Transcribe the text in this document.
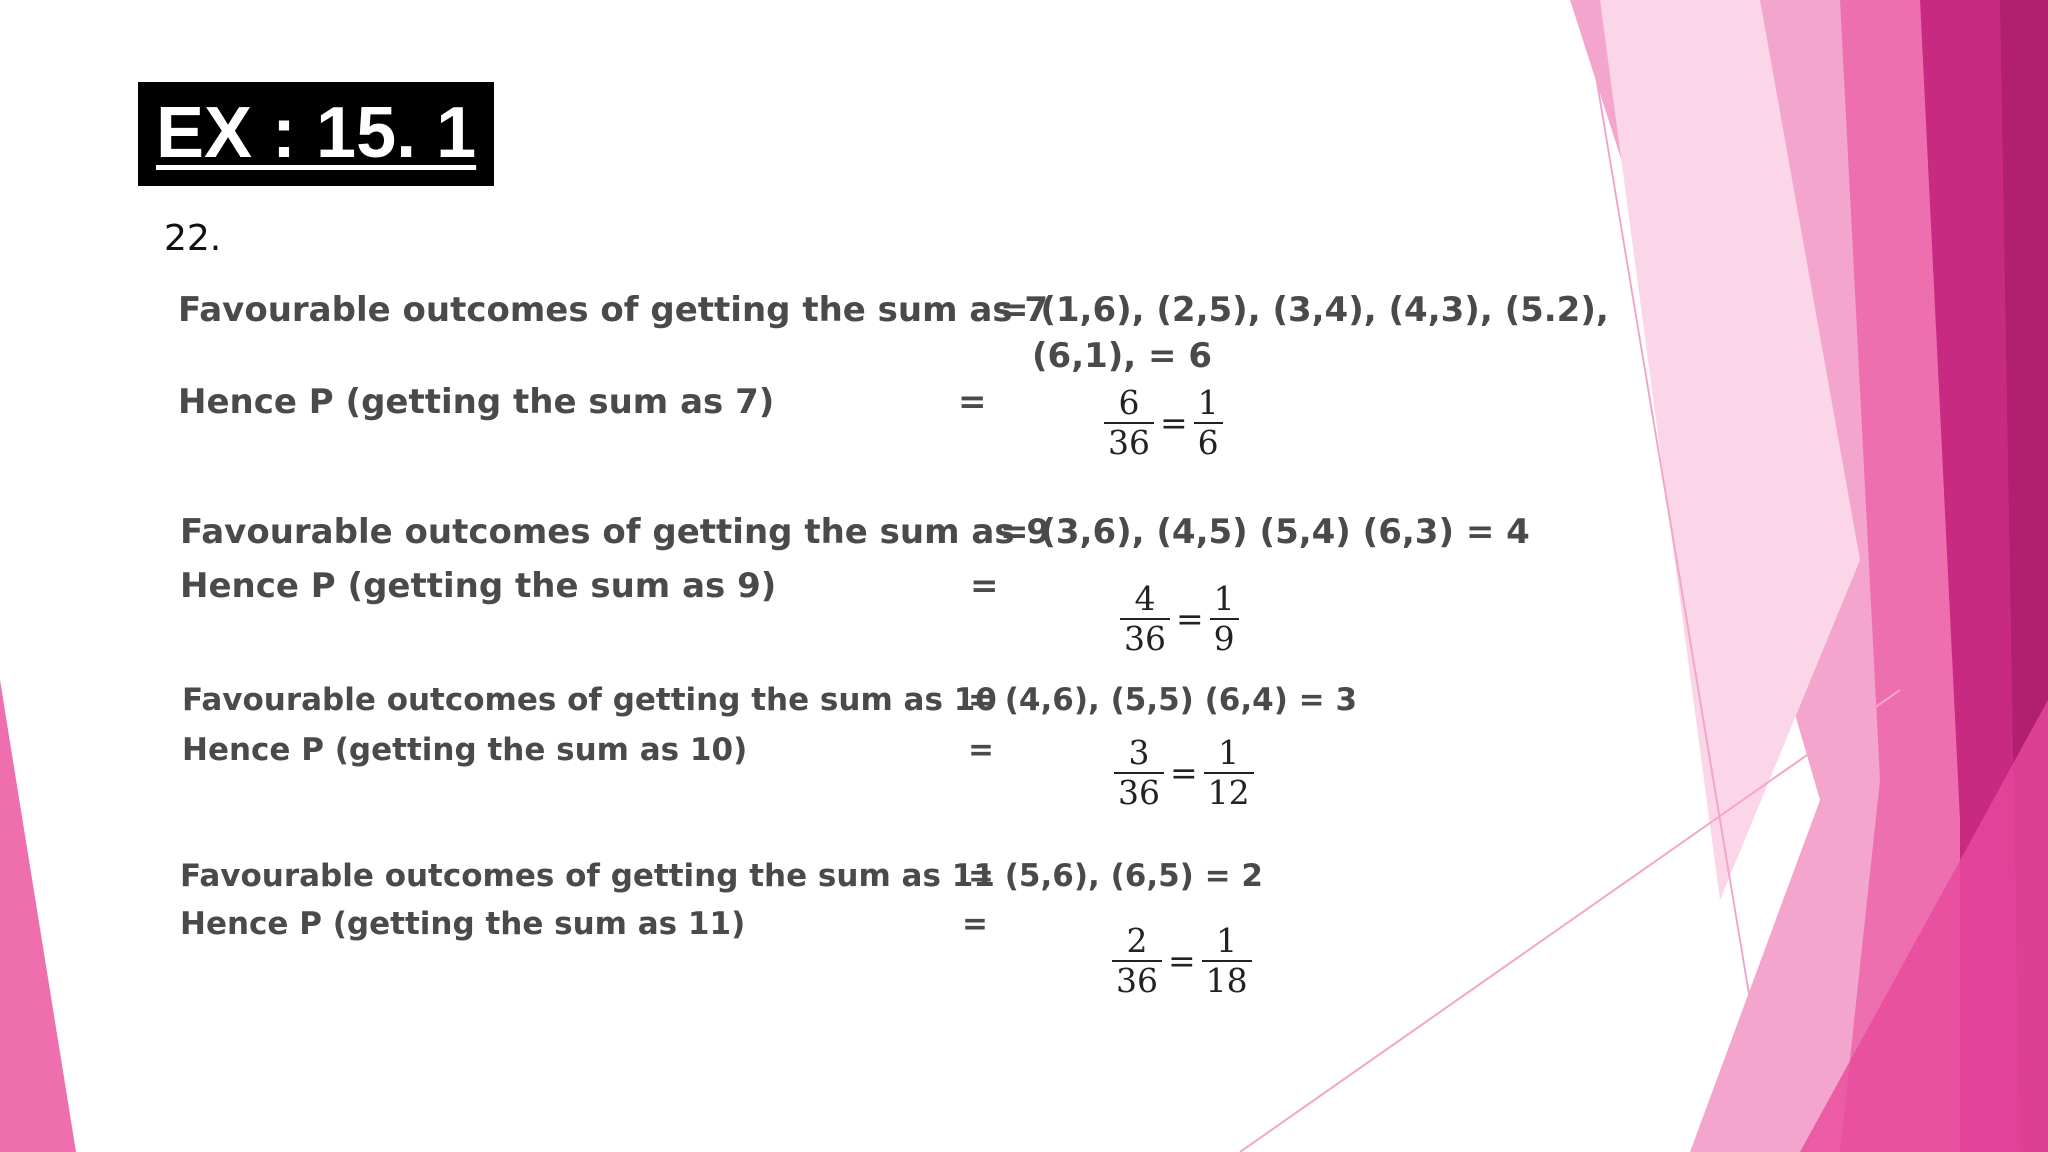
EX : 15. 1
22.
Favourable outcomes of getting the sum as 7
= (1,6), (2,5), (3,4), (4,3), (5.2),
(6,1), = 6
Hence P (getting the sum as 7)	=	$\frac{6}{36} = \frac{1}{6}$
Favourable outcomes of getting the sum as 9
= (3,6), (4,5) (5,4) (6,3) = 4
Hence P (getting the sum as 9)	=	$\frac{4}{36} = \frac{1}{9}$
Favourable outcomes of getting the sum as 10
= (4,6), (5,5) (6,4) = 3
Hence P (getting the sum as 10)	=	$\frac{3}{36} = \frac{1}{12}$
Favourable outcomes of getting the sum as 11
= (5,6), (6,5) = 2
Hence P (getting the sum as 11)	=	$\frac{2}{36} = \frac{1}{18}$
